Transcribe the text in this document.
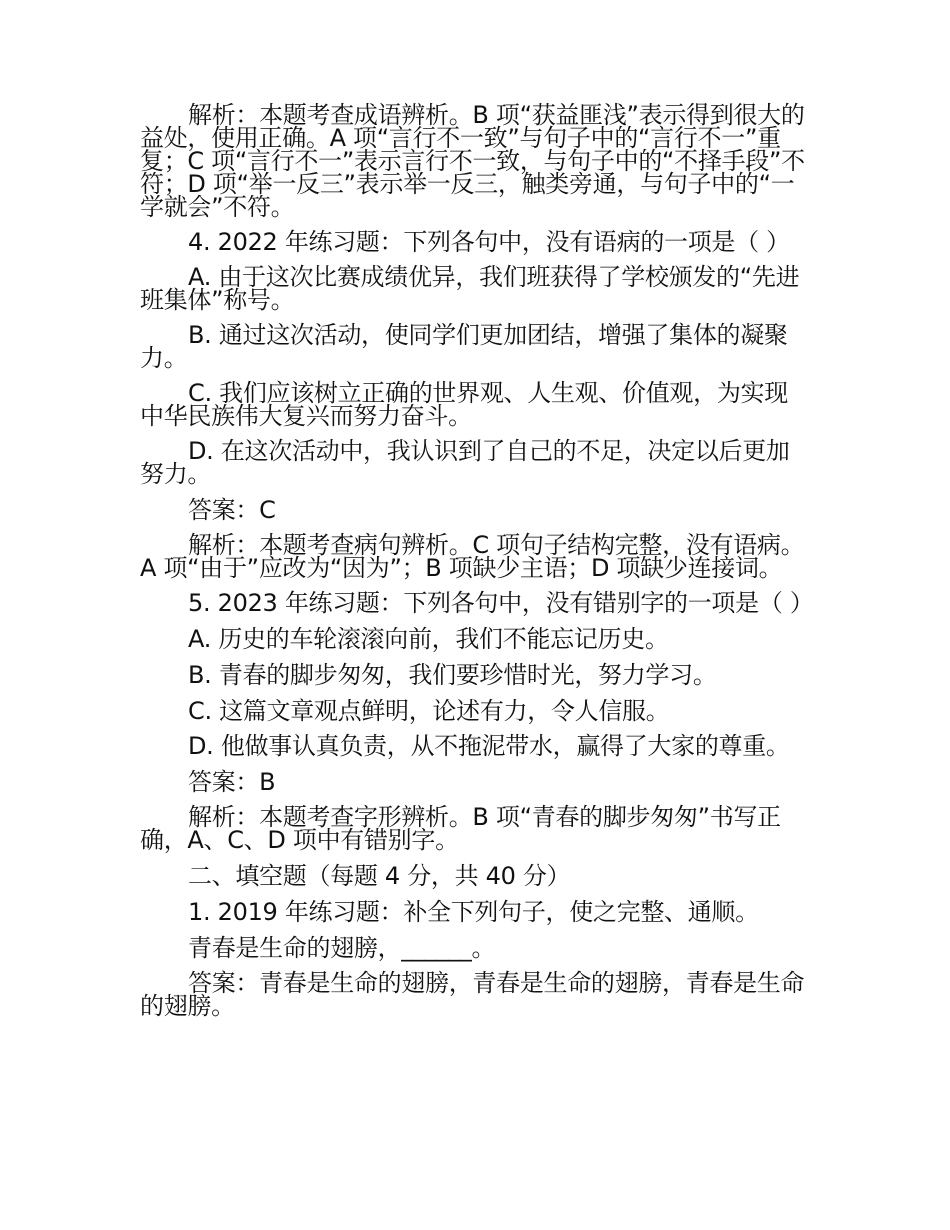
解析：本题考查成语辨析。B 项“获益匪浅”表示得到很大的益处，使用正确。A 项“言行不一致”与句子中的“言行不一”重复；C 项“言行不一”表示言行不一致，与句子中的“不择手段”不符；D 项“举一反三”表示举一反三，触类旁通，与句子中的“一学就会”不符。

4. 2022 年练习题：下列各句中，没有语病的一项是（ ）

A. 由于这次比赛成绩优异，我们班获得了学校颁发的“先进班集体”称号。

B. 通过这次活动，使同学们更加团结，增强了集体的凝聚力。

C. 我们应该树立正确的世界观、人生观、价值观，为实现中华民族伟大复兴而努力奋斗。

D. 在这次活动中，我认识到了自己的不足，决定以后更加努力。

答案：C

解析：本题考查病句辨析。C 项句子结构完整，没有语病。A 项“由于”应改为“因为”；B 项缺少主语；D 项缺少连接词。

5. 2023 年练习题：下列各句中，没有错别字的一项是（ ）

A. 历史的车轮滚滚向前，我们不能忘记历史。

B. 青春的脚步匆匆，我们要珍惜时光，努力学习。

C. 这篇文章观点鲜明，论述有力，令人信服。

D. 他做事认真负责，从不拖泥带水，赢得了大家的尊重。

答案：B

解析：本题考查字形辨析。B 项“青春的脚步匆匆”书写正确，A、C、D 项中有错别字。

二、填空题（每题 4 分，共 40 分）

1. 2019 年练习题：补全下列句子，使之完整、通顺。

青春是生命的翅膀，______。

答案：青春是生命的翅膀，青春是生命的翅膀，青春是生命的翅膀。
